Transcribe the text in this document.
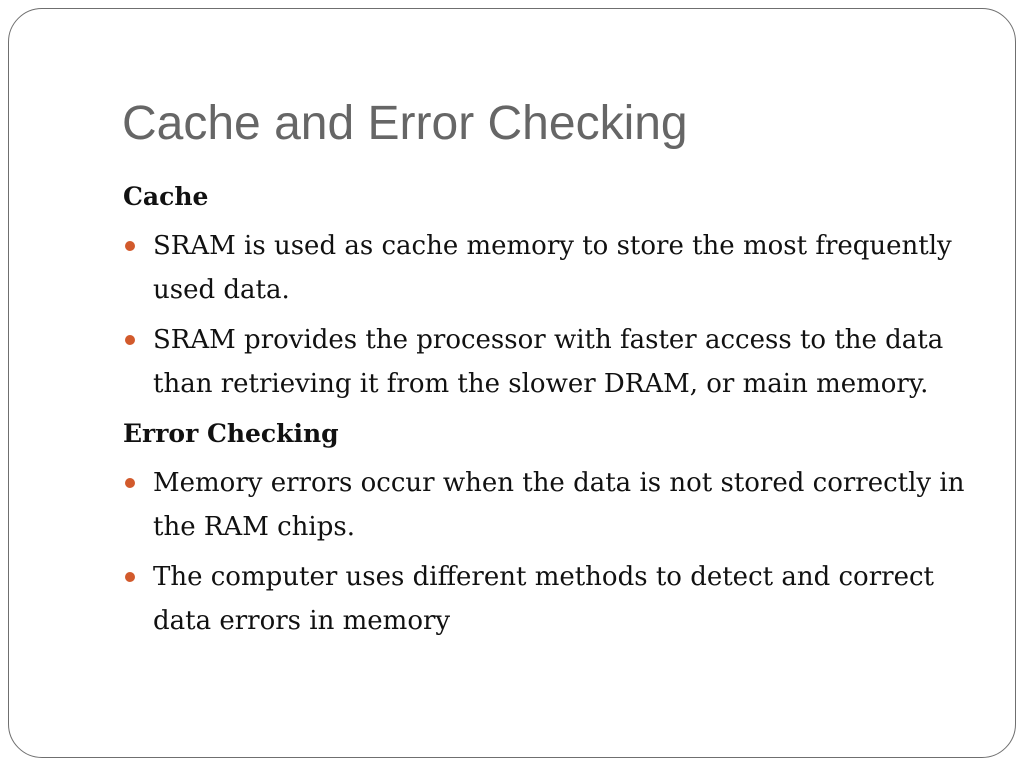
Cache and Error Checking
Cache
SRAM is used as cache memory to store the most frequently used data.
SRAM provides the processor with faster access to the data than retrieving it from the slower DRAM, or main memory.
Error Checking
Memory errors occur when the data is not stored correctly in the RAM chips.
The computer uses different methods to detect and correct data errors in memory
